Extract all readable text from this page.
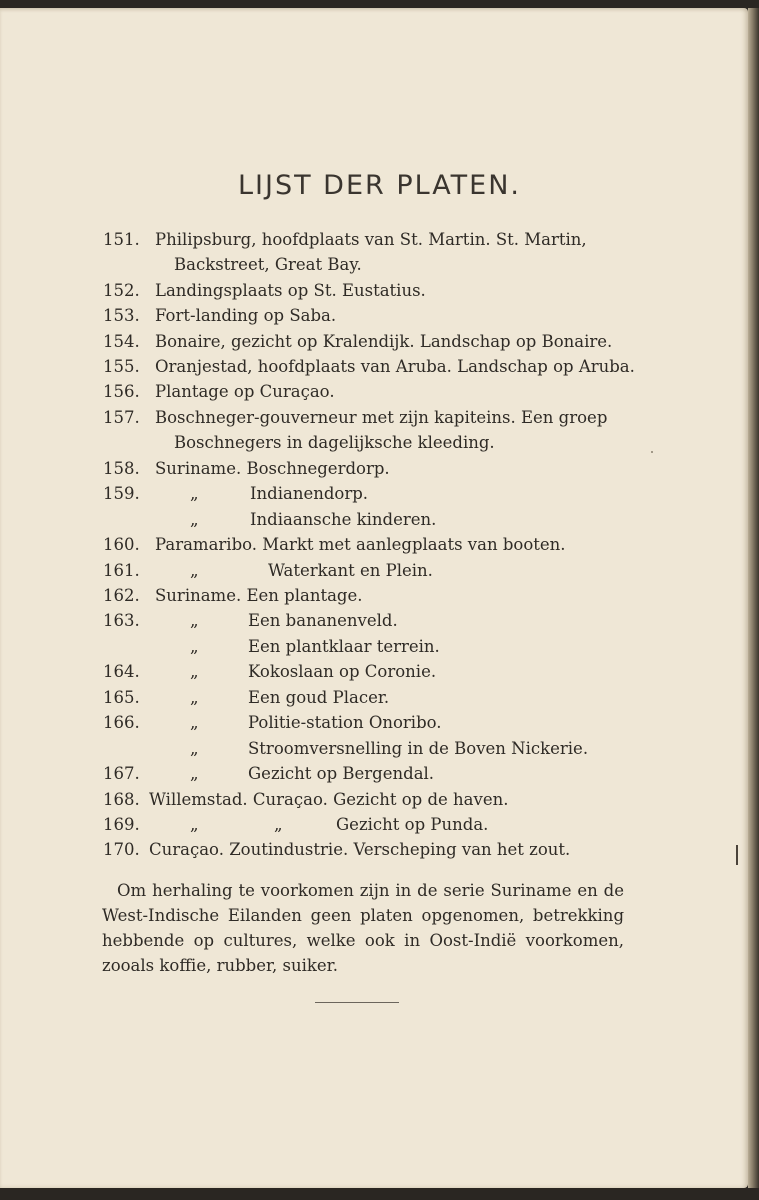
LIJST DER PLATEN.
151. Philipsburg, hoofdplaats van St. Martin. St. Martin,
Backstreet, Great Bay.
152. Landingsplaats op St. Eustatius.
153. Fort-landing op Saba.
154. Bonaire, gezicht op Kralendijk. Landschap op Bonaire.
155. Oranjestad, hoofdplaats van Aruba. Landschap op Aruba.
156. Plantage op Curaçao.
157. Boschneger-gouverneur met zijn kapiteins. Een groep
Boschnegers in dagelijksche kleeding.
158. Suriname. Boschnegerdorp.
159.	„	Indianendorp.
„	Indiaansche kinderen.
160. Paramaribo. Markt met aanlegplaats van booten.
161.	„	Waterkant en Plein.
162. Suriname. Een plantage.
163.	„	Een bananenveld.
„	Een plantklaar terrein.
164.	„	Kokoslaan op Coronie.
165.	„	Een goud Placer.
166.	„	Politie-station Onoribo.
„	Stroomversnelling in de Boven Nickerie.
167.	„	Gezicht op Bergendal.
168. Willemstad. Curaçao. Gezicht op de haven.
169.	„	„	Gezicht op Punda.
170. Curaçao. Zoutindustrie. Verscheping van het zout.
Om herhaling te voorkomen zijn in de serie Suriname en de West-Indische Eilanden geen platen opgenomen, betrekking hebbende op cultures, welke ook in Oost-Indië voorkomen, zooals koffie, rubber, suiker.
